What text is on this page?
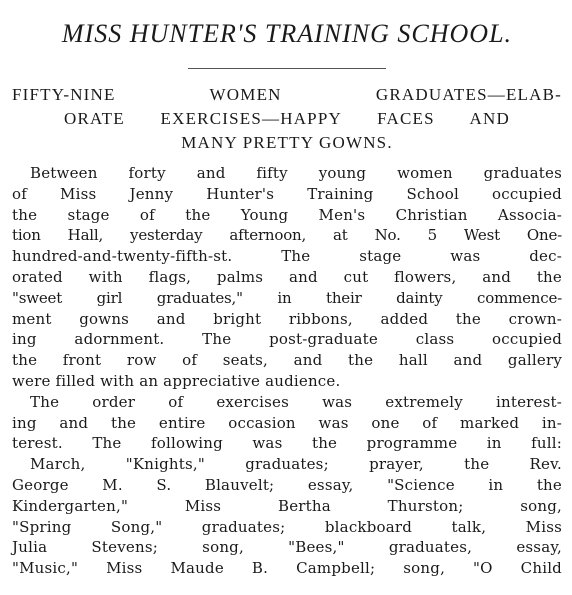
MISS HUNTER'S TRAINING SCHOOL.
FIFTY-NINE WOMEN GRADUATES—ELAB-
ORATE EXERCISES—HAPPY FACES AND
MANY PRETTY GOWNS.
Between forty and fifty young women graduates
of Miss Jenny Hunter's Training School occupied
the stage of the Young Men's Christian Associa-
tion Hall, yesterday afternoon, at No. 5 West One-
hundred-and-twenty-fifth-st. The stage was dec-
orated with flags, palms and cut flowers, and the
"sweet girl graduates," in their dainty commence-
ment gowns and bright ribbons, added the crown-
ing adornment. The post-graduate class occupied
the front row of seats, and the hall and gallery
were filled with an appreciative audience.
The order of exercises was extremely interest-
ing and the entire occasion was one of marked in-
terest. The following was the programme in full:
March, "Knights," graduates; prayer, the Rev.
George M. S. Blauvelt; essay, "Science in the
Kindergarten," Miss Bertha Thurston; song,
"Spring Song," graduates; blackboard talk, Miss
Julia Stevens; song, "Bees," graduates, essay,
"Music," Miss Maude B. Campbell; song, "O Child
